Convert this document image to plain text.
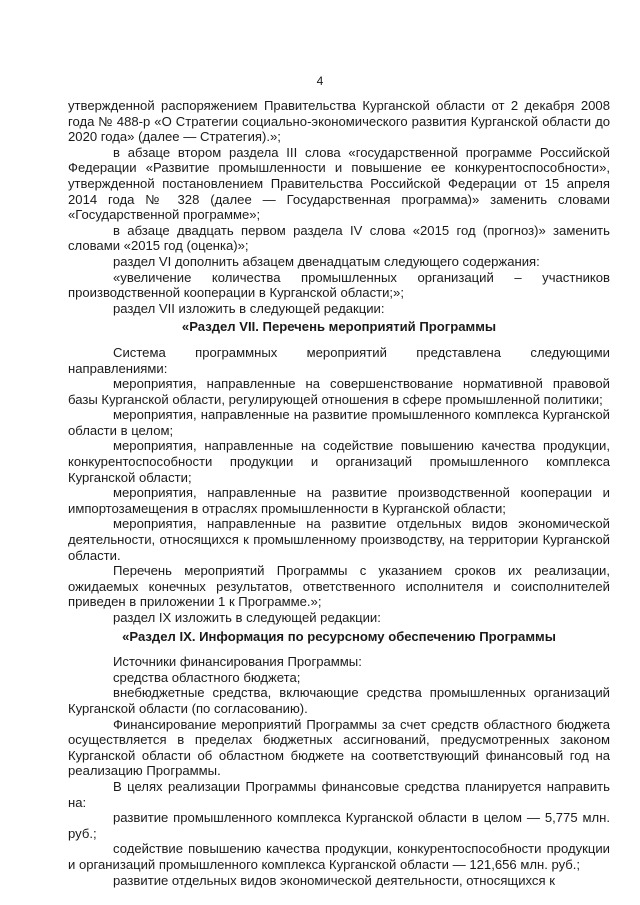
4

утвержденной распоряжением Правительства Курганской области от 2 декабря 2008 года № 488-р «О Стратегии социально-экономического развития Курганской области до 2020 года» (далее — Стратегия).»;

в абзаце втором раздела III слова «государственной программе Российской Федерации «Развитие промышленности и повышение ее конкурентоспособности», утвержденной постановлением Правительства Российской Федерации от 15 апреля 2014 года № 328 (далее — Государственная программа)» заменить словами «Государственной программе»;

в абзаце двадцать первом раздела IV слова «2015 год (прогноз)» заменить словами «2015 год (оценка)»;

раздел VI дополнить абзацем двенадцатым следующего содержания:

«увеличение количества промышленных организаций – участников производственной кооперации в Курганской области;»;

раздел VII изложить в следующей редакции:

«Раздел VII. Перечень мероприятий Программы

Система программных мероприятий представлена следующими направлениями:

мероприятия, направленные на совершенствование нормативной правовой базы Курганской области, регулирующей отношения в сфере промышленной политики;

мероприятия, направленные на развитие промышленного комплекса Курганской области в целом;

мероприятия, направленные на содействие повышению качества продукции, конкурентоспособности продукции и организаций промышленного комплекса Курганской области;

мероприятия, направленные на развитие производственной кооперации и импортозамещения в отраслях промышленности в Курганской области;

мероприятия, направленные на развитие отдельных видов экономической деятельности, относящихся к промышленному производству, на территории Курганской области.

Перечень мероприятий Программы с указанием сроков их реализации, ожидаемых конечных результатов, ответственного исполнителя и соисполнителей приведен в приложении 1 к Программе.»;

раздел IX изложить в следующей редакции:

«Раздел IX. Информация по ресурсному обеспечению Программы

Источники финансирования Программы:

средства областного бюджета;

внебюджетные средства, включающие средства промышленных организаций Курганской области (по согласованию).

Финансирование мероприятий Программы за счет средств областного бюджета осуществляется в пределах бюджетных ассигнований, предусмотренных законом Курганской области об областном бюджете на соответствующий финансовый год на реализацию Программы.

В целях реализации Программы финансовые средства планируется направить на:

развитие промышленного комплекса Курганской области в целом — 5,775 млн. руб.;

содействие повышению качества продукции, конкурентоспособности продукции и организаций промышленного комплекса Курганской области — 121,656 млн. руб.;

развитие отдельных видов экономической деятельности, относящихся к
